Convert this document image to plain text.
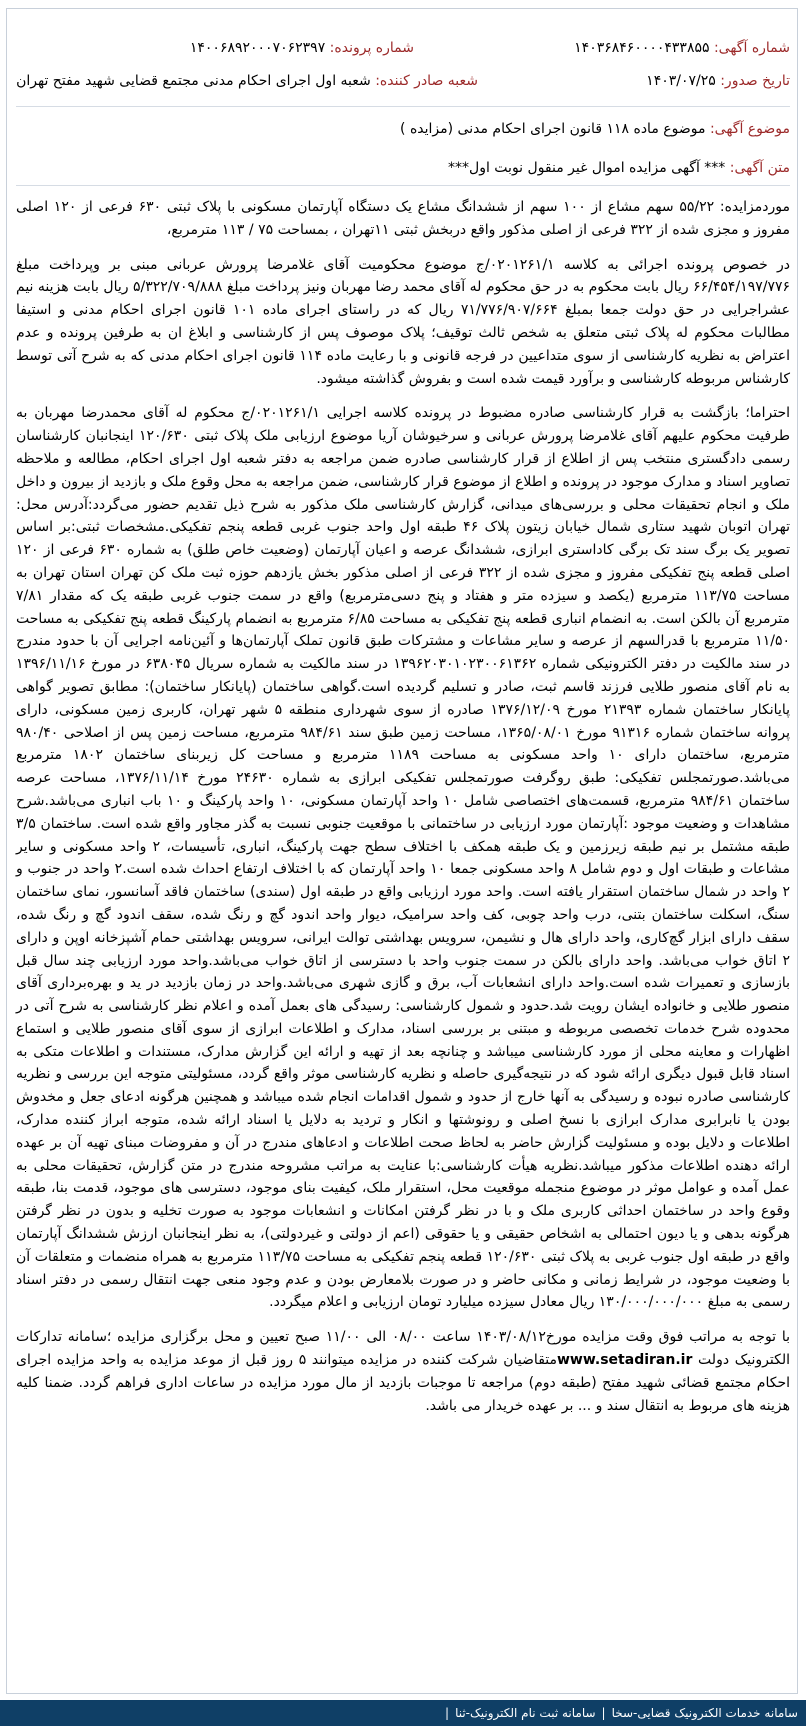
شماره آگهی: ۱۴۰۳۶۸۴۶۰۰۰۰۴۳۳۸۵۵
شماره پرونده: ۱۴۰۰۶۸۹۲۰۰۰۷۰۶۲۳۹۷
تاریخ صدور: ۱۴۰۳/۰۷/۲۵
شعبه صادر کننده: شعبه اول اجرای احکام مدنی مجتمع قضایی شهید مفتح تهران
موضوع آگهی: موضوع ماده ۱۱۸ قانون اجرای احکام مدنی (مزایده )
متن آگهی: *** آگهی مزایده اموال غیر منقول نوبت اول***

موردمزایده: ۵۵/۲۲ سهم مشاع از ۱۰۰ سهم از ششدانگ مشاع یک دستگاه آپارتمان مسکونی با پلاک ثبتی ۶۳۰ فرعی از ۱۲۰ اصلی مفروز و مجزی شده از ۳۲۲ فرعی از اصلی مذکور واقع دربخش ثبتی ۱۱تهران ، بمساحت ۷۵ / ۱۱۳ مترمربع،

در خصوص پرونده اجرائی به کلاسه ۰۲۰۱۲۶۱/۱/ج موضوع محکومیت آقای غلامرضا پرورش عربانی مبنی بر وپرداخت مبلغ ۶۶/۴۵۴/۱۹۷/۷۷۶ ریال بابت محکوم به در حق محکوم له آقای محمد رضا مهربان ونیز پرداخت مبلغ ۵/۳۲۲/۷۰۹/۸۸۸ ریال بابت هزینه نیم عشراجرایی در حق دولت جمعا بمبلغ ۷۱/۷۷۶/۹۰۷/۶۶۴ ریال که در راستای اجرای ماده ۱۰۱ قانون اجرای احکام مدنی و استیفا مطالبات محکوم له پلاک ثبتی متعلق به شخص ثالث توقیف؛ پلاک موصوف پس از کارشناسی و ابلاغ ان به طرفین پرونده و عدم اعتراض به نظریه کارشناسی از سوی متداعیین در فرجه قانونی و با رعایت ماده ۱۱۴ قانون اجرای احکام مدنی که به شرح آتی توسط کارشناس مربوطه کارشناسی و برآورد قیمت شده است و بفروش گذاشته میشود.

احتراما؛ بازگشت به قرار کارشناسی صادره مضبوط در پرونده کلاسه اجرایی ۰۲۰۱۲۶۱/۱/ج محکوم له آقای محمدرضا مهربان به طرفیت محکوم علیهم آقای غلامرضا پرورش عربانی و سرخیوشان آریا موضوع ارزیابی ملک پلاک ثبتی ۱۲۰/۶۳۰ اینجانبان کارشناسان رسمی دادگستری منتخب پس از اطلاع از قرار کارشناسی صادره ضمن مراجعه به دفتر شعبه اول اجرای احکام، مطالعه و ملاحظه تصاویر اسناد و مدارک موجود در پرونده و اطلاع از موضوع قرار کارشناسی، ضمن مراجعه به محل وقوع ملک و بازدید از بیرون و داخل ملک و انجام تحقیقات محلی و بررسی‌های میدانی، گزارش کارشناسی ملک مذکور به شرح ذیل تقدیم حضور می‌گردد:آدرس محل: تهران اتوبان شهید ستاری شمال خیابان زیتون پلاک ۴۶ طبقه اول واحد جنوب غربی قطعه پنجم تفکیکی.مشخصات ثبتی:بر اساس تصویر یک برگ سند تک برگی کاداستری ابرازی، ششدانگ عرصه و اعیان آپارتمان (وضعیت خاص طلق) به شماره ۶۳۰ فرعی از ۱۲۰ اصلی قطعه پنج تفکیکی مفروز و مجزی شده از ۳۲۲ فرعی از اصلی مذکور بخش یازدهم حوزه ثبت ملک کن تهران استان تهران به مساحت ۱۱۳/۷۵ مترمربع (یکصد و سیزده متر و هفتاد و پنج دسی‌مترمربع) واقع در سمت جنوب غربی طبقه یک که مقدار ۷/۸۱ مترمربع آن بالکن است. به انضمام انباری قطعه پنج تفکیکی به مساحت ۶/۸۵ مترمربع به انضمام پارکینگ قطعه پنج تفکیکی به مساحت ۱۱/۵۰ مترمربع با قدرالسهم از عرصه و سایر مشاعات و مشترکات طبق قانون تملک آپارتمان‌ها و آئین‌نامه اجرایی آن با حدود مندرج در سند مالکیت در دفتر الکترونیکی شماره ۱۳۹۶۲۰۳۰۱۰۲۳۰۰۶۱۳۶۲ در سند مالکیت به شماره سریال ۶۳۸۰۴۵ در مورخ ۱۳۹۶/۱۱/۱۶ به نام آقای منصور طلایی فرزند قاسم ثبت، صادر و تسلیم گردیده است.گواهی ساختمان (پایانکار ساختمان): مطابق تصویر گواهی پایانکار ساختمان شماره ۲۱۳۹۳ مورخ ۱۳۷۶/۱۲/۰۹ صادره از سوی شهرداری منطقه ۵ شهر تهران، کاربری زمین مسکونی، دارای پروانه ساختمان شماره ۹۱۳۱۶ مورخ ۱۳۶۵/۰۸/۰۱، مساحت زمین طبق سند ۹۸۴/۶۱ مترمربع، مساحت زمین پس از اصلاحی ۹۸۰/۴۰ مترمربع، ساختمان دارای ۱۰ واحد مسکونی به مساحت ۱۱۸۹ مترمربع و مساحت کل زیربنای ساختمان ۱۸۰۲ مترمربع می‌باشد.صورتمجلس تفکیکی: طبق روگرفت صورتمجلس تفکیکی ابرازی به شماره ۲۴۶۳۰ مورخ ۱۳۷۶/۱۱/۱۴، مساحت عرصه ساختمان ۹۸۴/۶۱ مترمربع، قسمت‌های اختصاصی شامل ۱۰ واحد آپارتمان مسکونی، ۱۰ واحد پارکینگ و ۱۰ باب انباری می‌باشد.شرح مشاهدات و وضعیت موجود :آپارتمان مورد ارزیابی در ساختمانی با موقعیت جنوبی نسبت به گذر مجاور واقع شده است. ساختمان ۳/۵ طبقه مشتمل بر نیم طبقه زیرزمین و یک طبقه همکف با اختلاف سطح جهت پارکینگ، انباری، تأسیسات، ۲ واحد مسکونی و سایر مشاعات و طبقات اول و دوم شامل ۸ واحد مسکونی جمعا ۱۰ واحد آپارتمان که با اختلاف ارتفاع احداث شده است.۲ واحد در جنوب و ۲ واحد در شمال ساختمان استقرار یافته است. واحد مورد ارزیابی واقع در طبقه اول (سندی) ساختمان فاقد آسانسور، نمای ساختمان سنگ، اسکلت ساختمان بتنی، درب واحد چوبی، کف واحد سرامیک، دیوار واحد اندود گچ و رنگ شده، سقف اندود گچ و رنگ شده، سقف دارای ابزار گچ‌کاری، واحد دارای هال و نشیمن، سرویس بهداشتی توالت ایرانی، سرویس بهداشتی حمام آشپزخانه اوپن و دارای ۲ اتاق خواب می‌باشد. واحد دارای بالکن در سمت جنوب واحد با دسترسی از اتاق خواب می‌باشد.واحد مورد ارزیابی چند سال قبل بازسازی و تعمیرات شده است.واحد دارای انشعابات آب، برق و گازی شهری می‌باشد.واحد در زمان بازدید در ید و بهره‌برداری آقای منصور طلایی و خانواده ایشان رویت شد.حدود و شمول کارشناسی: رسیدگی های بعمل آمده و اعلام نظر کارشناسی به شرح آتی در محدوده شرح خدمات تخصصی مربوطه و مبتنی بر بررسی اسناد، مدارک و اطلاعات ابرازی از سوی آقای منصور طلایی و استماع اظهارات و معاینه محلی از مورد کارشناسی میباشد و چنانچه بعد از تهیه و ارائه این گزارش مدارک، مستندات و اطلاعات متکی به اسناد قابل قبول دیگری ارائه شود که در نتیجه‌گیری حاصله و نظریه کارشناسی موثر واقع گردد، مسئولیتی متوجه این بررسی و نظریه کارشناسی صادره نبوده و رسیدگی به آنها خارج از حدود و شمول اقدامات انجام شده میباشد و همچنین هرگونه ادعای جعل و مخدوش بودن یا نابرابری مدارک ابرازی با نسخ اصلی و رونوشتها و انکار و تردید به دلایل یا اسناد ارائه شده، متوجه ابراز کننده مدارک، اطلاعات و دلایل بوده و مسئولیت گزارش حاضر به لحاظ صحت اطلاعات و ادعاهای مندرج در آن و مفروضات مبنای تهیه آن بر عهده ارائه دهنده اطلاعات مذکور میباشد.نظریه هیأت کارشناسی:با عنایت به مراتب مشروحه مندرج در متن گزارش، تحقیقات محلی به عمل آمده و عوامل موثر در موضوع منجمله موقعیت محل، استقرار ملک، کیفیت بنای موجود، دسترسی های موجود، قدمت بنا، طبقه وقوع واحد در ساختمان احداثی کاربری ملک و با در نظر گرفتن امکانات و انشعابات موجود به صورت تخلیه و بدون در نظر گرفتن هرگونه بدهی و یا دیون احتمالی به اشخاص حقیقی و یا حقوقی (اعم از دولتی و غیردولتی)، به نظر اینجانبان ارزش ششدانگ آپارتمان واقع در طبقه اول جنوب غربی به پلاک ثبتی ۱۲۰/۶۳۰ قطعه پنجم تفکیکی به مساحت ۱۱۳/۷۵ مترمربع به همراه منضمات و متعلقات آن با وضعیت موجود، در شرایط زمانی و مکانی حاضر و در صورت بلامعارض بودن و عدم وجود منعی جهت انتقال رسمی در دفتر اسناد رسمی به مبلغ ۱۳۰/۰۰۰/۰۰۰/۰۰۰ ریال معادل سیزده میلیارد تومان ارزیابی و اعلام میگردد.

با توجه به مراتب فوق وقت مزایده مورخ۱۴۰۳/۰۸/۱۲ ساعت ۰۸/۰۰ الی ۱۱/۰۰ صبح تعیین و محل برگزاری مزایده ؛سامانه تدارکات الکترونیک دولت www.setadiran.irمتقاضیان شرکت کننده در مزایده میتوانند ۵ روز قبل از موعد مزایده به واحد مزایده اجرای احکام مجتمع قضائی شهید مفتح (طبقه دوم) مراجعه تا موجبات بازدید از مال مورد مزایده در ساعات اداری فراهم گردد. ضمنا کلیه هزینه های مربوط به انتقال سند و ... بر عهده خریدار می باشد.

سامانه خدمات الکترونیک قضایی-سخا
|
سامانه ثبت نام الکترونیک-ثنا
|
